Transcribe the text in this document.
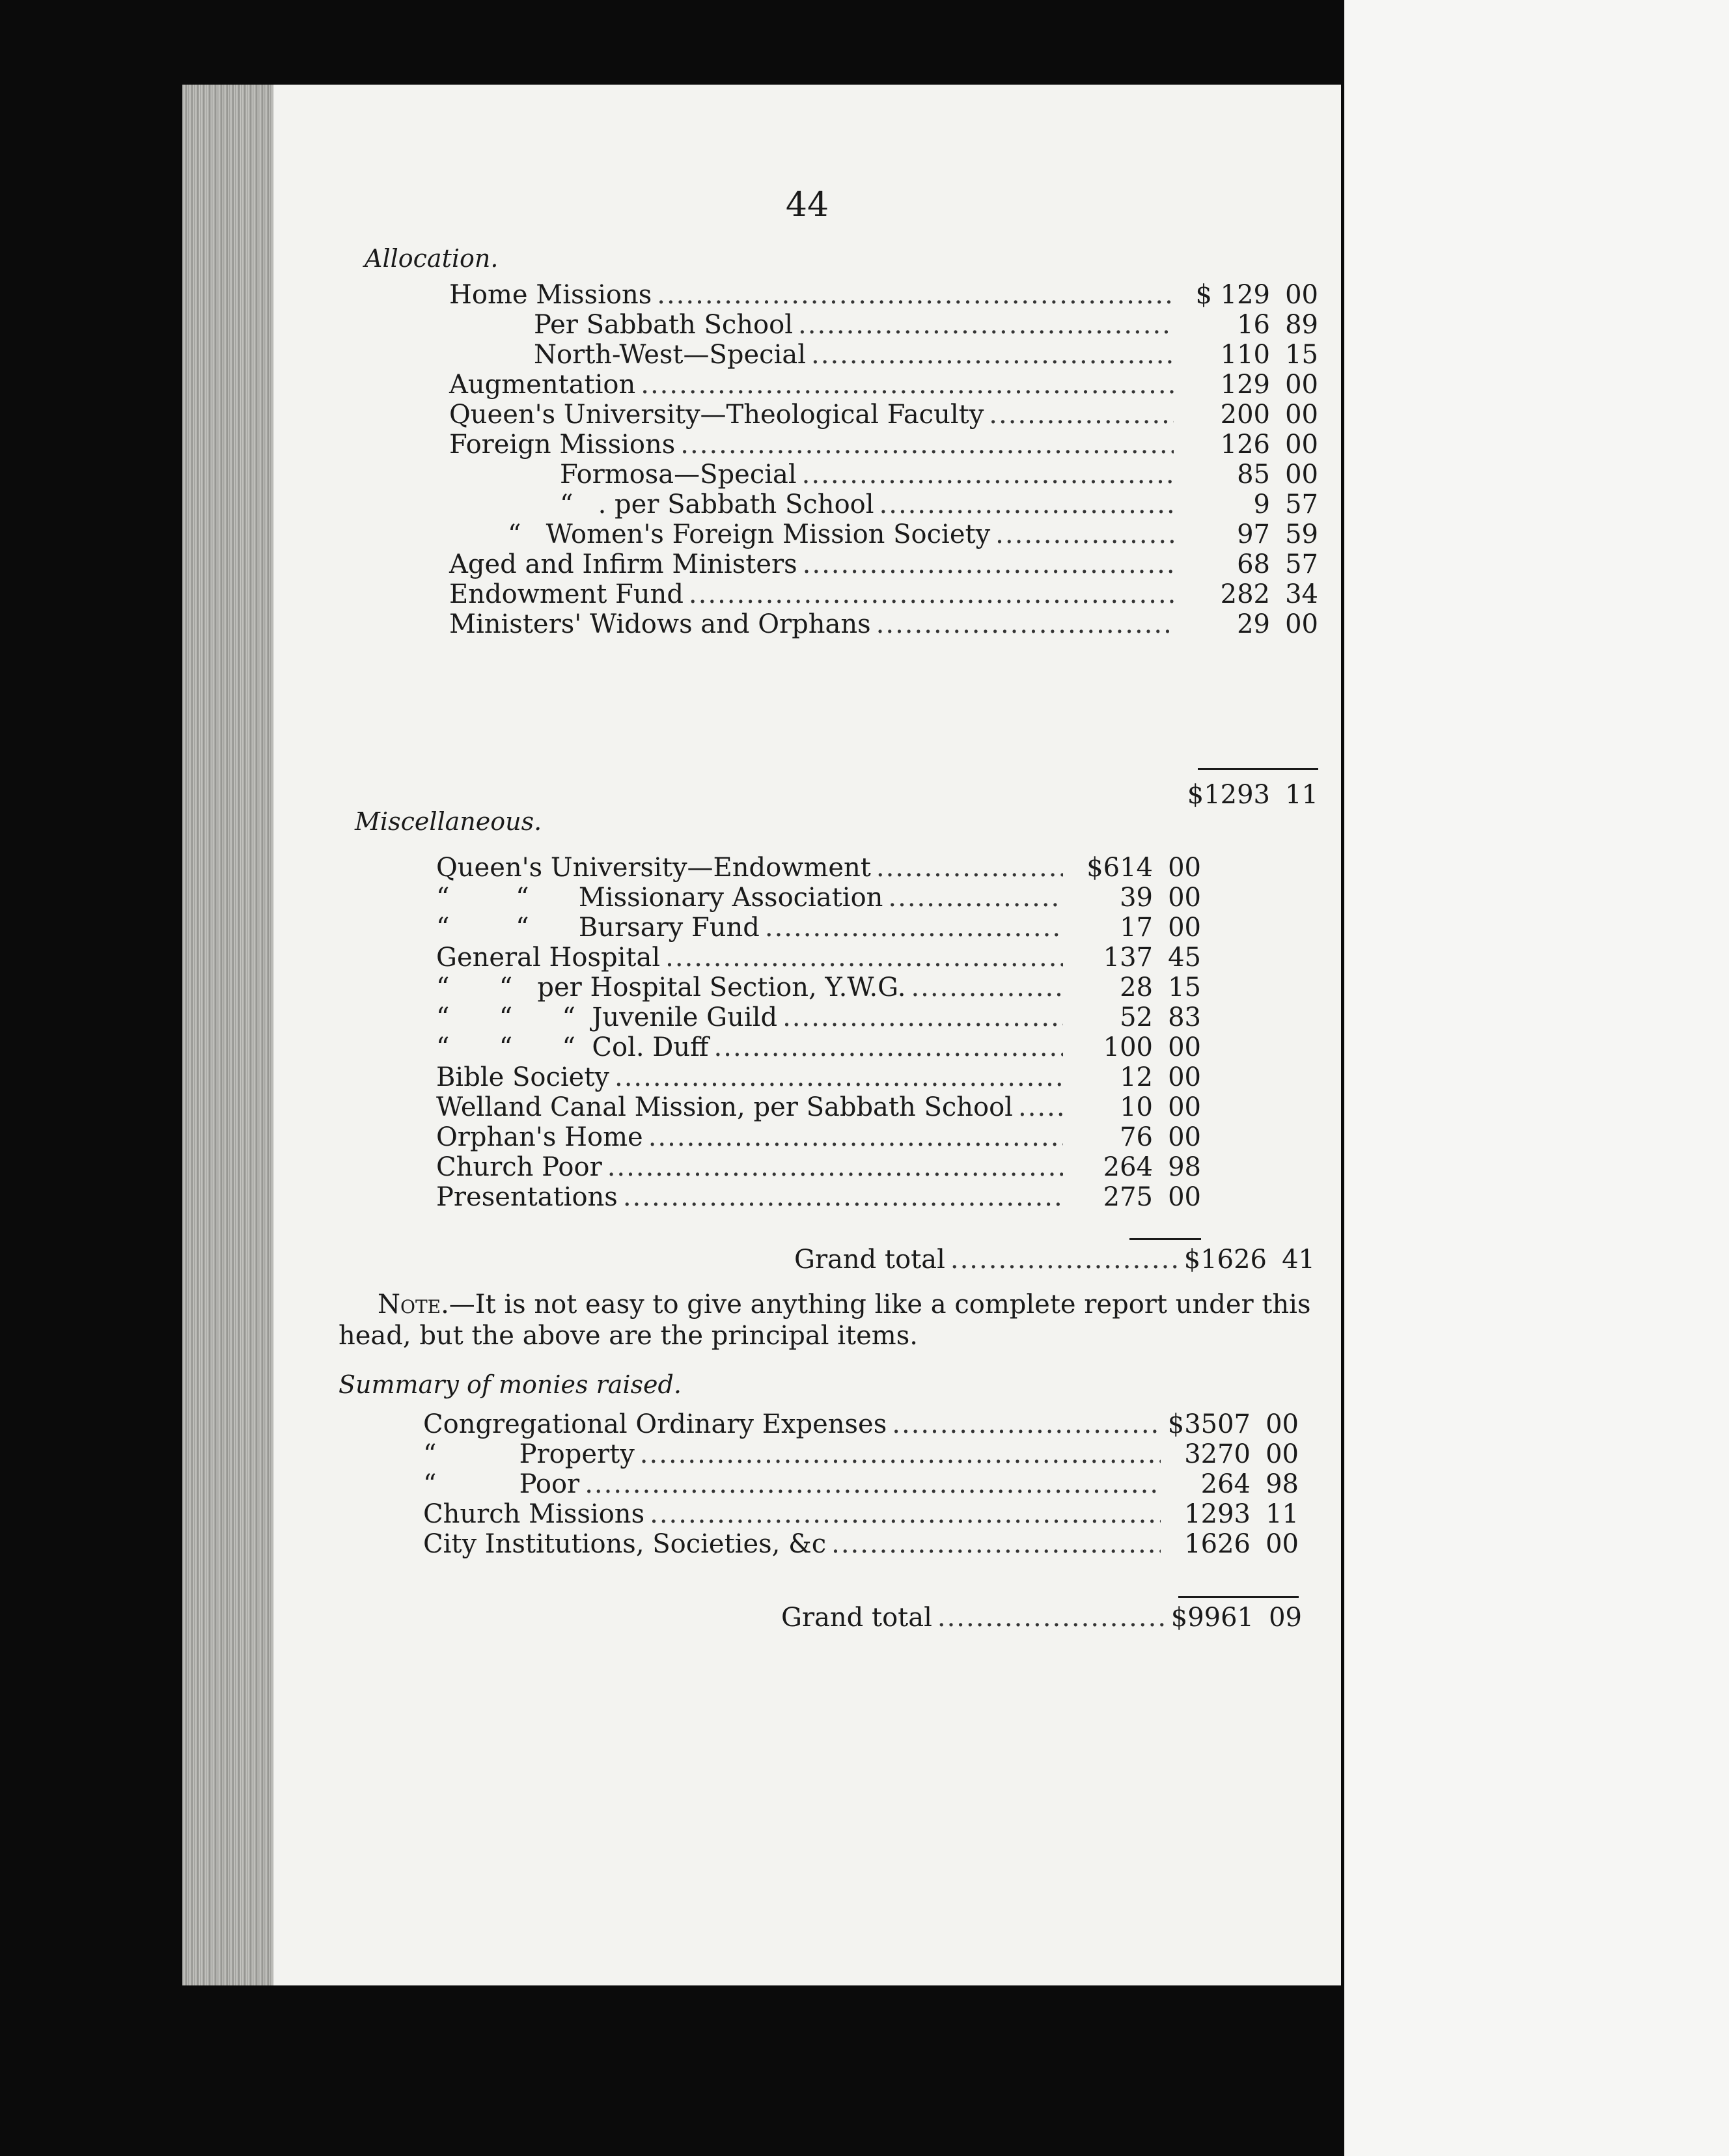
44
Allocation.
Home Missions .....	$ 129 00
Per Sabbath School .....	16 89
North-West—Special .....	110 15
Augmentation .....	129 00
Queen's University—Theological Faculty .....	200 00
Foreign Missions .....	126 00
Formosa—Special .....	85 00
“   . per Sabbath School .....	9 57
“   Women's Foreign Mission Society .....	97 59
Aged and Infirm Ministers .....	68 57
Endowment Fund .....	282 34
Ministers' Widows and Orphans .....	29 00
$1293 11
Miscellaneous.
Queen's University—Endowment .....	$614 00
“        “      Missionary Association .....	39 00
“        “      Bursary Fund .....	17 00
General Hospital .....	137 45
“      “   per Hospital Section, Y.W.G. .....	28 15
“      “      “  Juvenile Guild .....	52 83
“      “      “  Col. Duff .....	100 00
Bible Society .....	12 00
Welland Canal Mission, per Sabbath School .....	10 00
Orphan's Home .....	76 00
Church Poor .....	264 98
Presentations .....	275 00
Grand total .....	$1626 41
Note.—It is not easy to give anything like a complete report under this head, but the above are the principal items.
Summary of monies raised.
Congregational Ordinary Expenses .....	$3507 00
“          Property .....	3270 00
“          Poor .....	264 98
Church Missions .....	1293 11
City Institutions, Societies, &c .....	1626 00
Grand total .....	$9961 09
